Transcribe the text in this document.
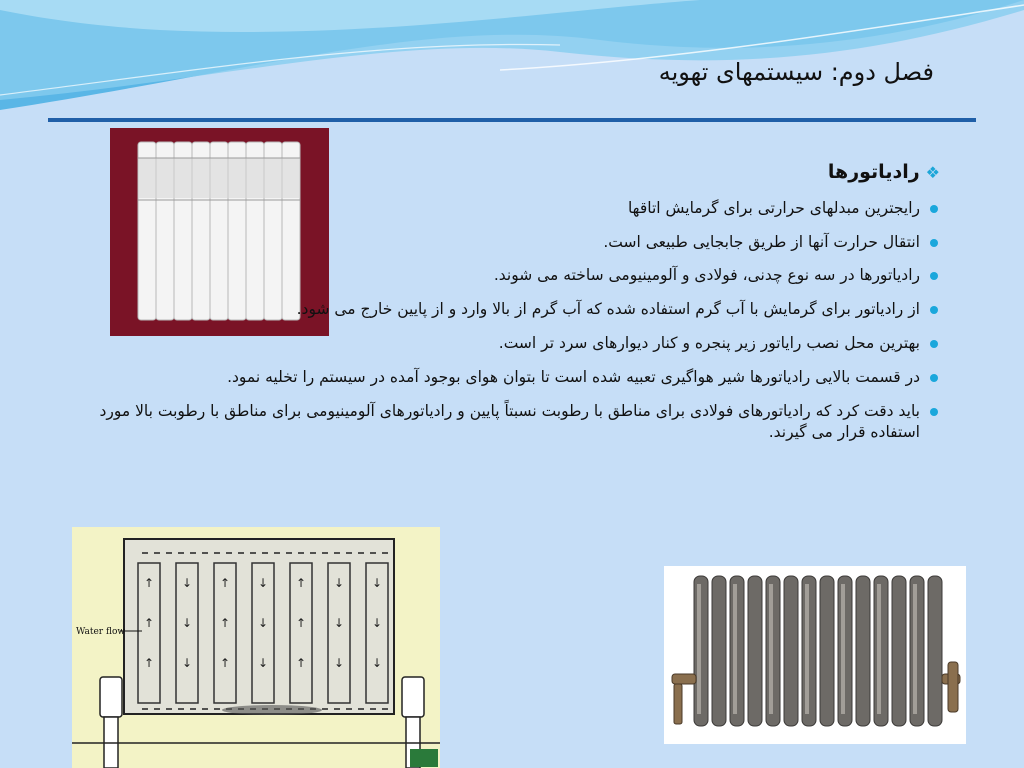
فصل دوم: سیستمهای تهویه
❖
رادیاتورها
رایجترین مبدلهای حرارتی برای گرمایش اتاقها
انتقال حرارت آنها از طریق جابجایی طبیعی است.
رادیاتورها در سه نوع چدنی، فولادی و آلومینیومی ساخته می شوند.
از رادیاتور برای گرمایش با آب گرم استفاده شده که آب گرم از بالا وارد و از پایین خارج می شود.
بهترین محل نصب رایاتور زیر پنجره و کنار دیوارهای سرد تر است.
در قسمت بالایی رادیاتورها شیر هواگیری تعبیه شده است تا بتوان هوای بوجود آمده در سیستم را تخلیه نمود.
باید دقت کرد که رادیاتورهای فولادی برای مناطق با رطوبت نسبتاً پایین و رادیاتورهای آلومینیومی برای مناطق با رطوبت بالا مورد استفاده قرار می گیرند.
↑
↑
↑
↓
↓
↓
↑
↑
↑
↓
↓
↓
↑
↑
↑
↓
↓
↓
↓
↓
↓
Water flow
